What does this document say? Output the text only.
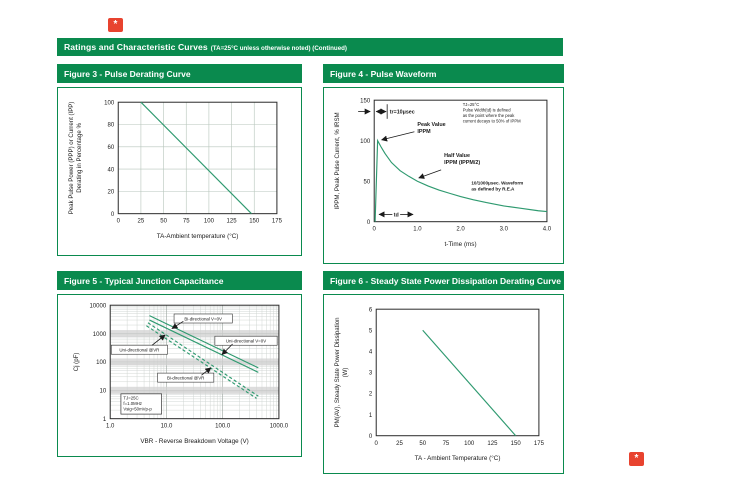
*
Ratings and Characteristic Curves (TA=25°C unless otherwise noted) (Continued)
Figure 3 - Pulse Derating Curve
0	25	50	75 100 125 150 175
0
20
40
60
80
100
TA-Ambient temperature (°C)
Peak Pulse Power (PPP) or Current (IPP) Derating in Percentage %
Figure 4 - Pulse Waveform
0	1.0	2.0	3.0	4.0
0
50
100
150
t-Time (ms)
IPPM, Peak Pulse Current, % IRSM	tr=10μsec
Peak Value
IPPM
Half Value
IPPM (IPPM/2)
TJ=25°C
Pulse Width(td) is defined
as the point where the peak
current decays to 50% of IPPM
10/1000μsec. Waveform
as defined by R.E.A
td
Figure 5 - Typical Junction Capacitance
1.0	10.0	100.0	1000.0
1
10
100
1000
10000
VBR - Reverse Breakdown Voltage (V)
Cj (pF)
Bi-directional V=0V
Uni-directional V=0V
Uni-directional @VR
Bi-directional @VR
TJ=25C
f=1.0MHz
Vsig=50mVp-p
Figure 6 - Steady State Power Dissipation Derating Curve
0	25	50	75 100 125 150 175
0
1
2
3
4
5
6
TA - Ambient Temperature (°C)
PM(AV), Steady State Power Dissipation (W)
*
